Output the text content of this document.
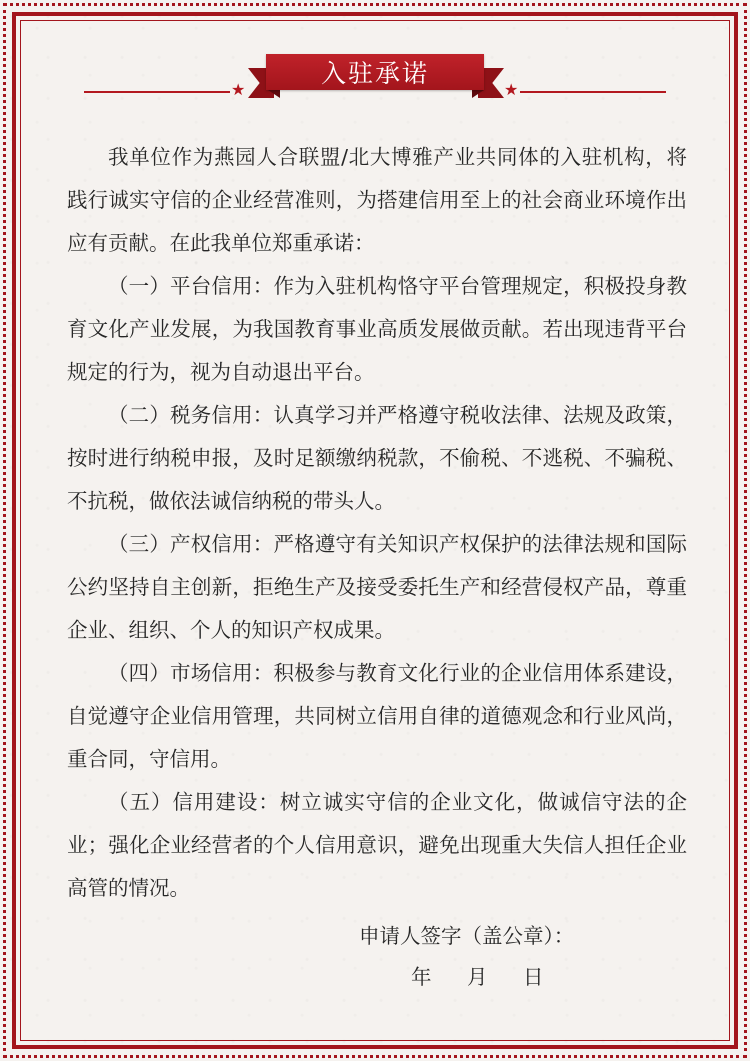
★	★
入驻承诺

我单位作为燕园人合联盟/北大博雅产业共同体的入驻机构，将践行诚实守信的企业经营准则，为搭建信用至上的社会商业环境作出应有贡献。在此我单位郑重承诺：

（一）平台信用：作为入驻机构恪守平台管理规定，积极投身教育文化产业发展，为我国教育事业高质发展做贡献。若出现违背平台规定的行为，视为自动退出平台。

（二）税务信用：认真学习并严格遵守税收法律、法规及政策，按时进行纳税申报，及时足额缴纳税款，不偷税、不逃税、不骗税、不抗税，做依法诚信纳税的带头人。

（三）产权信用：严格遵守有关知识产权保护的法律法规和国际公约坚持自主创新，拒绝生产及接受委托生产和经营侵权产品，尊重企业、组织、个人的知识产权成果。

（四）市场信用：积极参与教育文化行业的企业信用体系建设，自觉遵守企业信用管理，共同树立信用自律的道德观念和行业风尚，重合同，守信用。

（五）信用建设：树立诚实守信的企业文化，做诚信守法的企业；强化企业经营者的个人信用意识，避免出现重大失信人担任企业高管的情况。

申请人签字（盖公章）：
年	月	日
